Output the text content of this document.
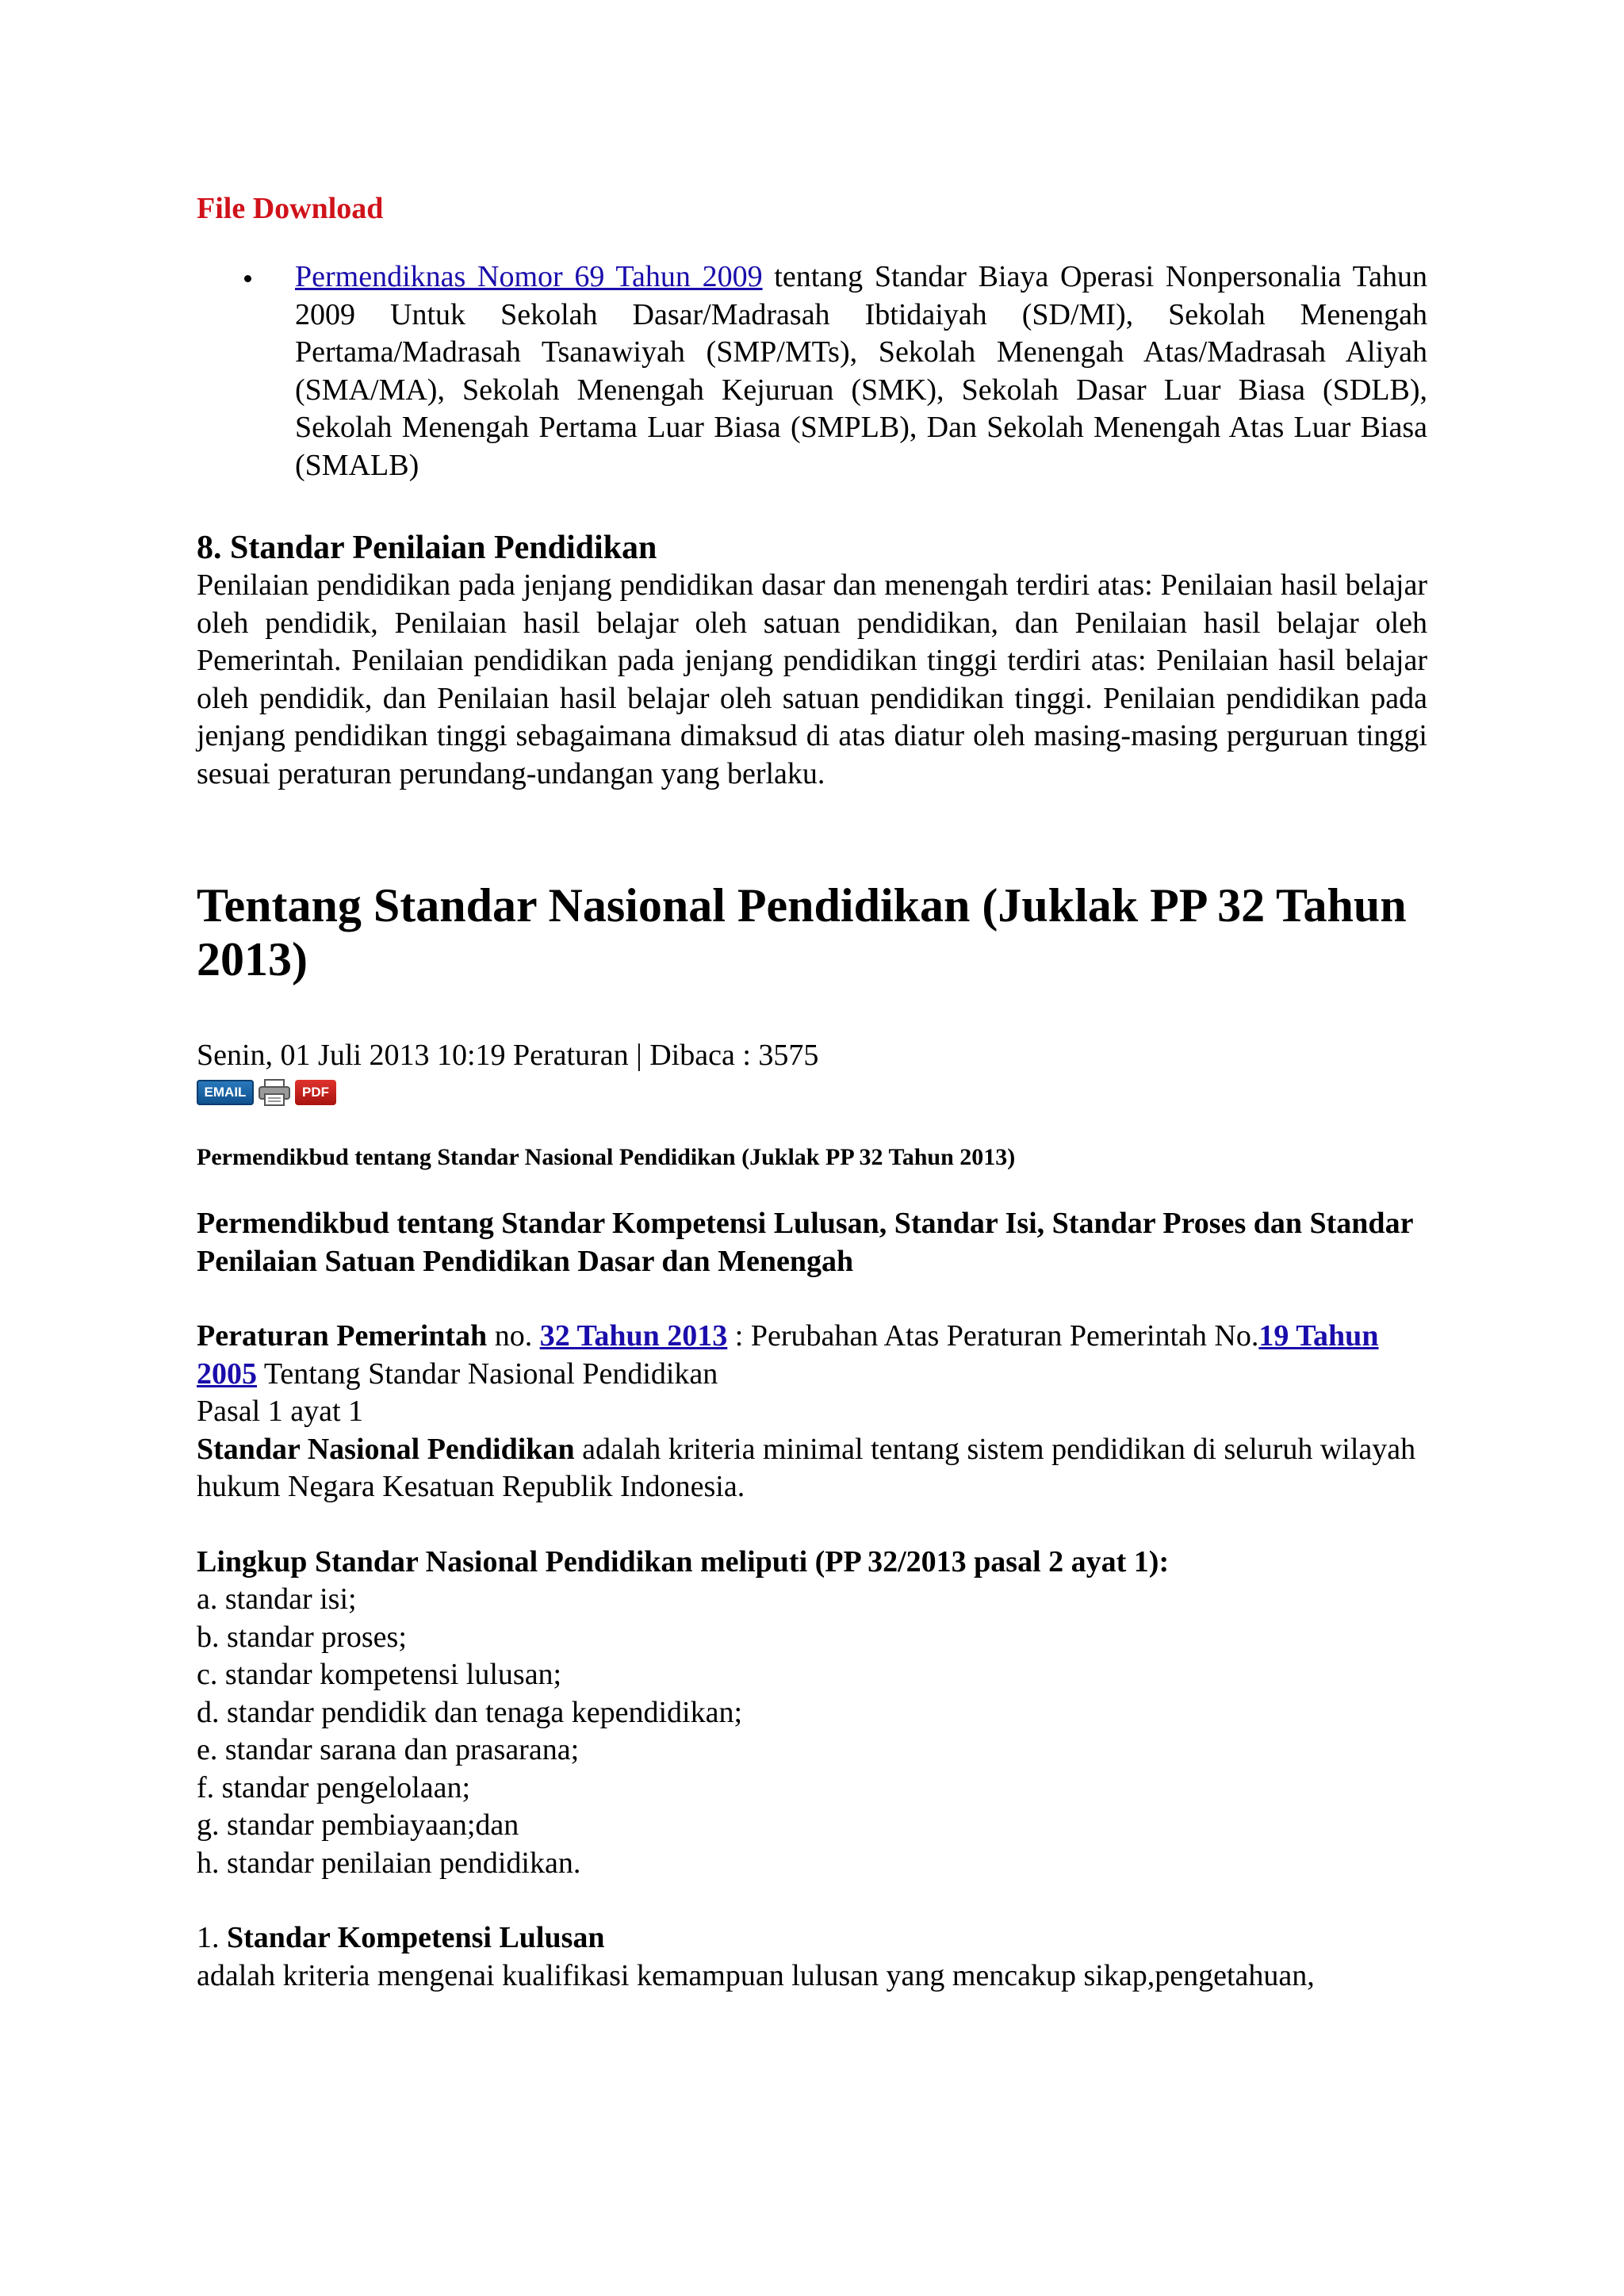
File Download
Permendiknas Nomor 69 Tahun 2009 tentang Standar Biaya Operasi Nonpersonalia Tahun 2009 Untuk Sekolah Dasar/Madrasah Ibtidaiyah (SD/MI), Sekolah Menengah Pertama/Madrasah Tsanawiyah (SMP/MTs), Sekolah Menengah Atas/Madrasah Aliyah (SMA/MA), Sekolah Menengah Kejuruan (SMK), Sekolah Dasar Luar Biasa (SDLB), Sekolah Menengah Pertama Luar Biasa (SMPLB), Dan Sekolah Menengah Atas Luar Biasa (SMALB)
8. Standar Penilaian Pendidikan

Penilaian pendidikan pada jenjang pendidikan dasar dan menengah terdiri atas: Penilaian hasil belajar oleh pendidik, Penilaian hasil belajar oleh satuan pendidikan, dan Penilaian hasil belajar oleh Pemerintah. Penilaian pendidikan pada jenjang pendidikan tinggi terdiri atas: Penilaian hasil belajar oleh pendidik, dan Penilaian hasil belajar oleh satuan pendidikan tinggi. Penilaian pendidikan pada jenjang pendidikan tinggi sebagaimana dimaksud di atas diatur oleh masing-masing perguruan tinggi sesuai peraturan perundang-undangan yang berlaku.

Tentang Standar Nasional Pendidikan (Juklak PP 32 Tahun 2013)
Senin, 01 Juli 2013 10:19 Peraturan | Dibaca : 3575
EMAIL	PDF
Permendikbud tentang Standar Nasional Pendidikan (Juklak PP 32 Tahun 2013)
Permendikbud tentang Standar Kompetensi Lulusan, Standar Isi, Standar Proses dan Standar Penilaian Satuan Pendidikan Dasar dan Menengah
Peraturan Pemerintah no. 32 Tahun 2013 : Perubahan Atas Peraturan Pemerintah No.19 Tahun 2005 Tentang Standar Nasional Pendidikan
Pasal 1 ayat 1
Standar Nasional Pendidikan adalah kriteria minimal tentang sistem pendidikan di seluruh wilayah hukum Negara Kesatuan Republik Indonesia.
Lingkup Standar Nasional Pendidikan meliputi (PP 32/2013 pasal 2 ayat 1):
a. standar isi;
b. standar proses;
c. standar kompetensi lulusan;
d. standar pendidik dan tenaga kependidikan;
e. standar sarana dan prasarana;
f. standar pengelolaan;
g. standar pembiayaan;dan
h. standar penilaian pendidikan.
1. Standar Kompetensi Lulusan
adalah kriteria mengenai kualifikasi kemampuan lulusan yang mencakup sikap,pengetahuan,
